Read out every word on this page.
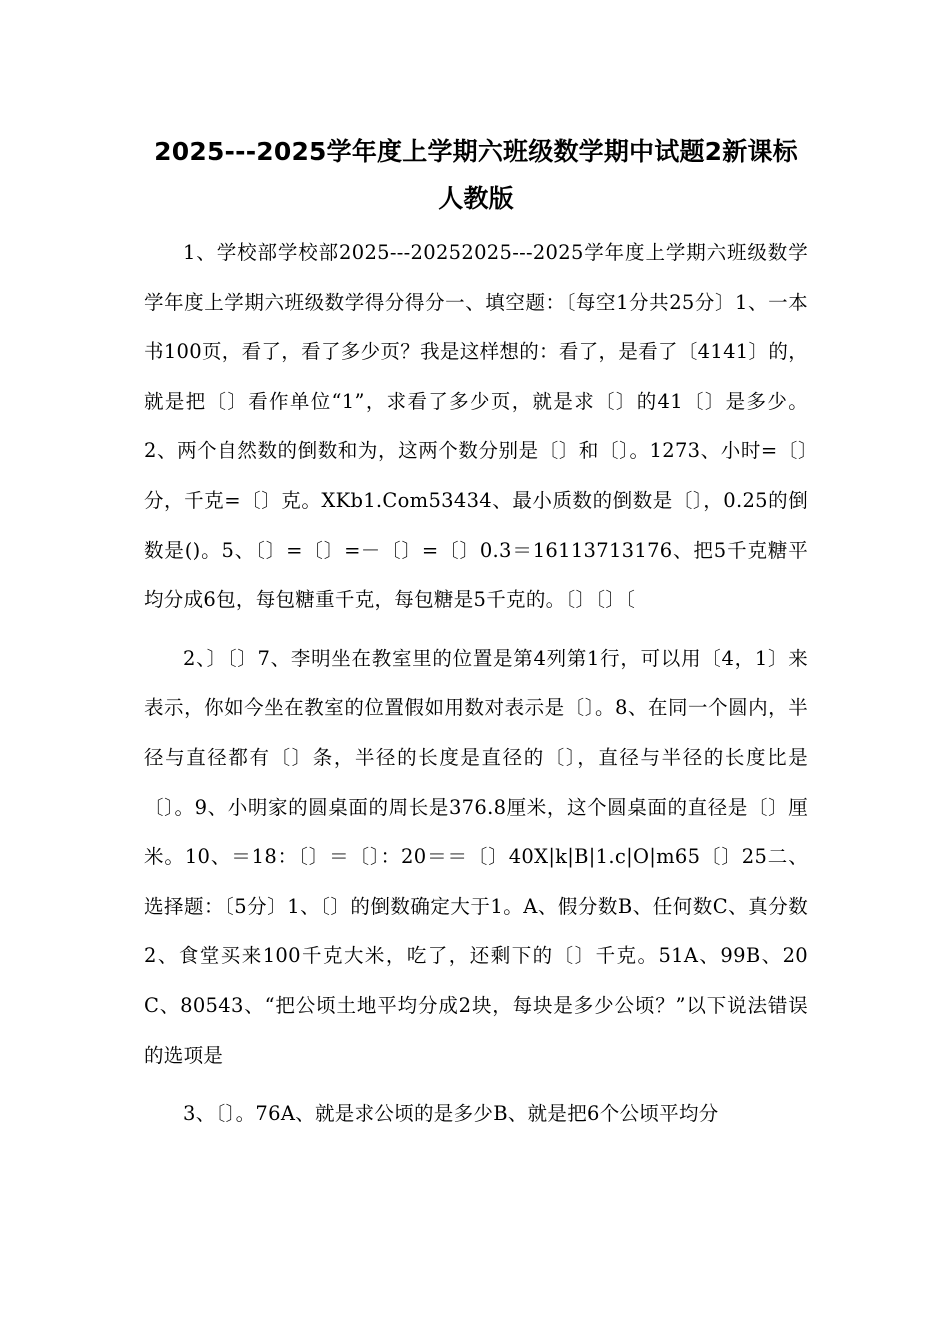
2025---2025学年度上学期六班级数学期中试题2新课标人教版

1、学校部学校部2025---20252025---2025学年度上学期六班级数学学年度上学期六班级数学得分得分一、填空题：〔每空1分共25分〕1、一本书100页，看了，看了多少页？我是这样想的：看了，是看了〔4141〕的，就是把〔〕看作单位“1”，求看了多少页，就是求〔〕的41〔〕是多少。2、两个自然数的倒数和为，这两个数分别是〔〕和〔〕。1273、小时=〔〕分，千克=〔〕克。XKb1.Com53434、最小质数的倒数是〔〕，0.25的倒数是()。5、〔〕=〔〕=－〔〕=〔〕0.3＝16113713176、把5千克糖平均分成6包，每包糖重千克，每包糖是5千克的。〔〕〔〕〔

2、〕〔〕7、李明坐在教室里的位置是第4列第1行，可以用〔4，1〕来表示，你如今坐在教室的位置假如用数对表示是〔〕。8、在同一个圆内，半径与直径都有〔〕条，半径的长度是直径的〔〕，直径与半径的长度比是〔〕。9、小明家的圆桌面的周长是376.8厘米，这个圆桌面的直径是〔〕厘米。10、＝18：〔〕＝〔〕：20＝＝〔〕40X|k|B|1.c|O|m65〔〕25二、选择题：〔5分〕1、〔〕的倒数确定大于1。A、假分数B、任何数C、真分数2、食堂买来100千克大米，吃了，还剩下的〔〕千克。51A、99B、20C、80543、“把公顷土地平均分成2块，每块是多少公顷？”以下说法错误的选项是

3、〔〕。76A、就是求公顷的是多少B、就是把6个公顷平均分
